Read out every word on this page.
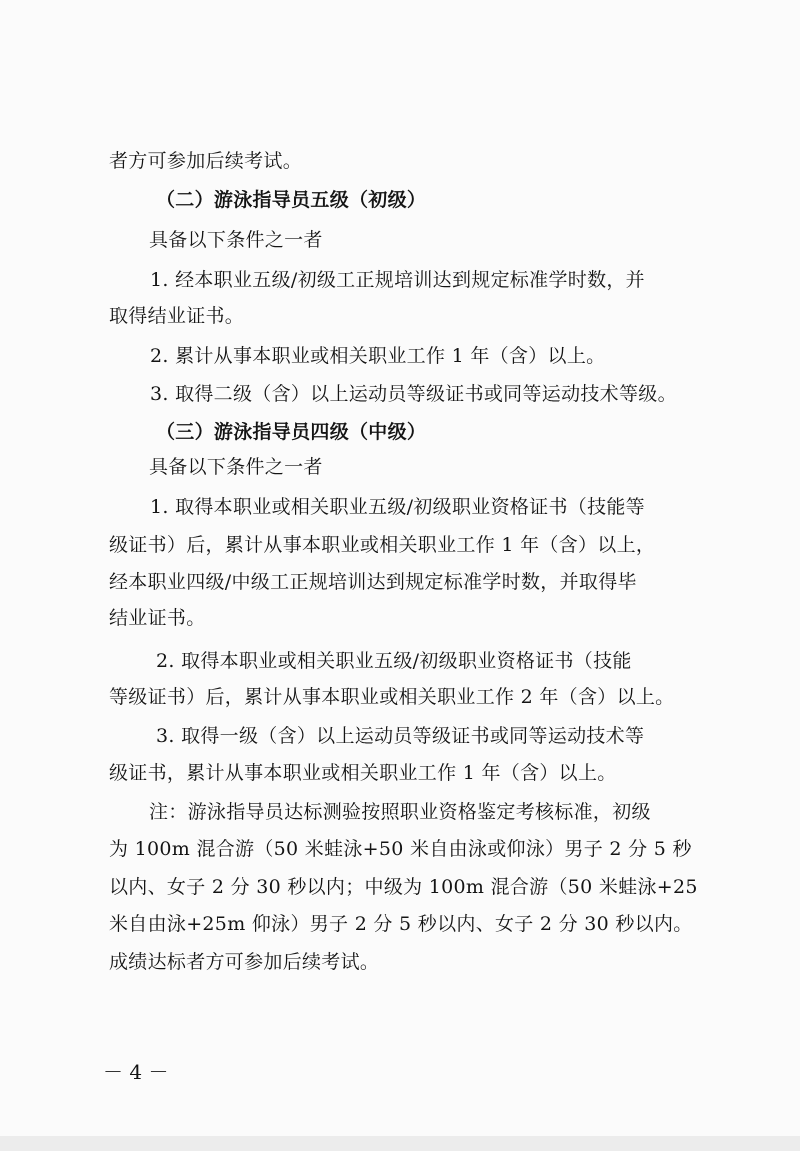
者方可参加后续考试。
（二）游泳指导员五级（初级）
具备以下条件之一者
1. 经本职业五级/初级工正规培训达到规定标准学时数，并
取得结业证书。
2. 累计从事本职业或相关职业工作 1 年（含）以上。
3. 取得二级（含）以上运动员等级证书或同等运动技术等级。
（三）游泳指导员四级（中级）
具备以下条件之一者
1. 取得本职业或相关职业五级/初级职业资格证书（技能等
级证书）后，累计从事本职业或相关职业工作 1 年（含）以上，
经本职业四级/中级工正规培训达到规定标准学时数，并取得毕
结业证书。
2. 取得本职业或相关职业五级/初级职业资格证书（技能
等级证书）后，累计从事本职业或相关职业工作 2 年（含）以上。
3. 取得一级（含）以上运动员等级证书或同等运动技术等
级证书，累计从事本职业或相关职业工作 1 年（含）以上。
注：游泳指导员达标测验按照职业资格鉴定考核标准，初级
为 100m 混合游（50 米蛙泳+50 米自由泳或仰泳）男子 2 分 5 秒
以内、女子 2 分 30 秒以内；中级为 100m 混合游（50 米蛙泳+25
米自由泳+25m 仰泳）男子 2 分 5 秒以内、女子 2 分 30 秒以内。
成绩达标者方可参加后续考试。
－ 4 －
